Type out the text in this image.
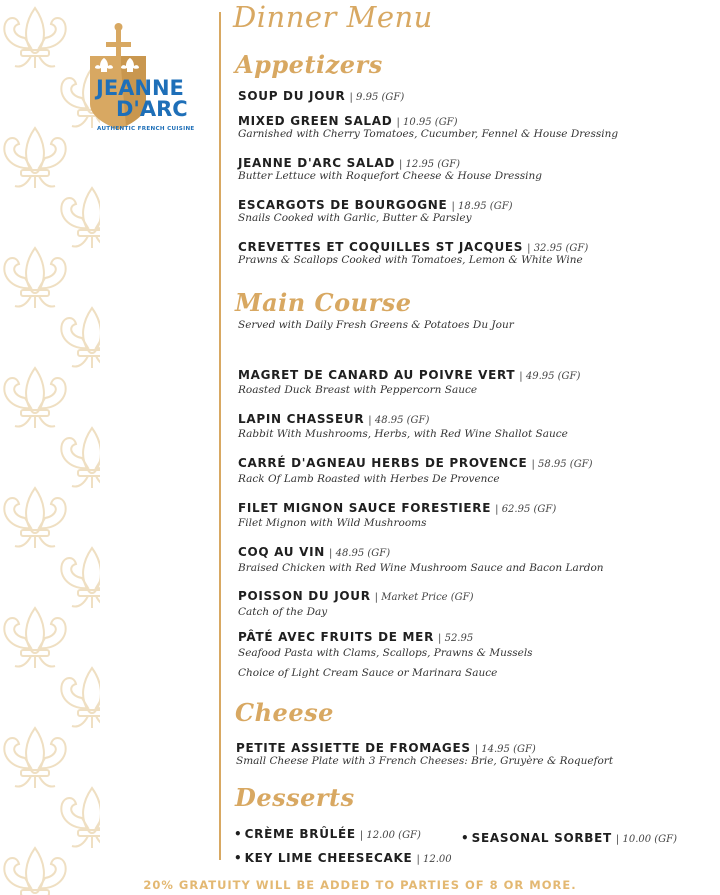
JEANNE
D'ARC
AUTHENTIC FRENCH CUISINE
Dinner Menu
Appetizers
SOUP DU JOUR | 9.95 (GF)
MIXED GREEN SALAD | 10.95 (GF)
Garnished with Cherry Tomatoes, Cucumber, Fennel & House Dressing
JEANNE D'ARC SALAD | 12.95 (GF)
Butter Lettuce with Roquefort Cheese & House Dressing
ESCARGOTS DE BOURGOGNE | 18.95 (GF)
Snails Cooked with Garlic, Butter & Parsley
CREVETTES ET COQUILLES ST JACQUES | 32.95 (GF)
Prawns & Scallops Cooked with Tomatoes, Lemon & White Wine
Main Course
Served with Daily Fresh Greens & Potatoes Du Jour
MAGRET DE CANARD AU POIVRE VERT | 49.95 (GF)
Roasted Duck Breast with Peppercorn Sauce
LAPIN CHASSEUR | 48.95 (GF)
Rabbit With Mushrooms, Herbs, with Red Wine Shallot Sauce
CARRÉ D'AGNEAU HERBS DE PROVENCE | 58.95 (GF)
Rack Of Lamb Roasted with Herbes De Provence
FILET MIGNON SAUCE FORESTIERE | 62.95 (GF)
Filet Mignon with Wild Mushrooms
COQ AU VIN | 48.95 (GF)
Braised Chicken with Red Wine Mushroom Sauce and Bacon Lardon
POISSON DU JOUR | Market Price (GF)
Catch of the Day
PÂTÉ AVEC FRUITS DE MER | 52.95
Seafood Pasta with Clams, Scallops, Prawns & Mussels
Choice of Light Cream Sauce or Marinara Sauce
Cheese
PETITE ASSIETTE DE FROMAGES | 14.95 (GF)
Small Cheese Plate with 3 French Cheeses: Brie, Gruyère & Roquefort
Desserts
• CRÈME BRÛLÉE | 12.00 (GF)
• KEY LIME CHEESECAKE | 12.00
• SEASONAL SORBET | 10.00 (GF)
20% GRATUITY WILL BE ADDED TO PARTIES OF 8 OR MORE.
